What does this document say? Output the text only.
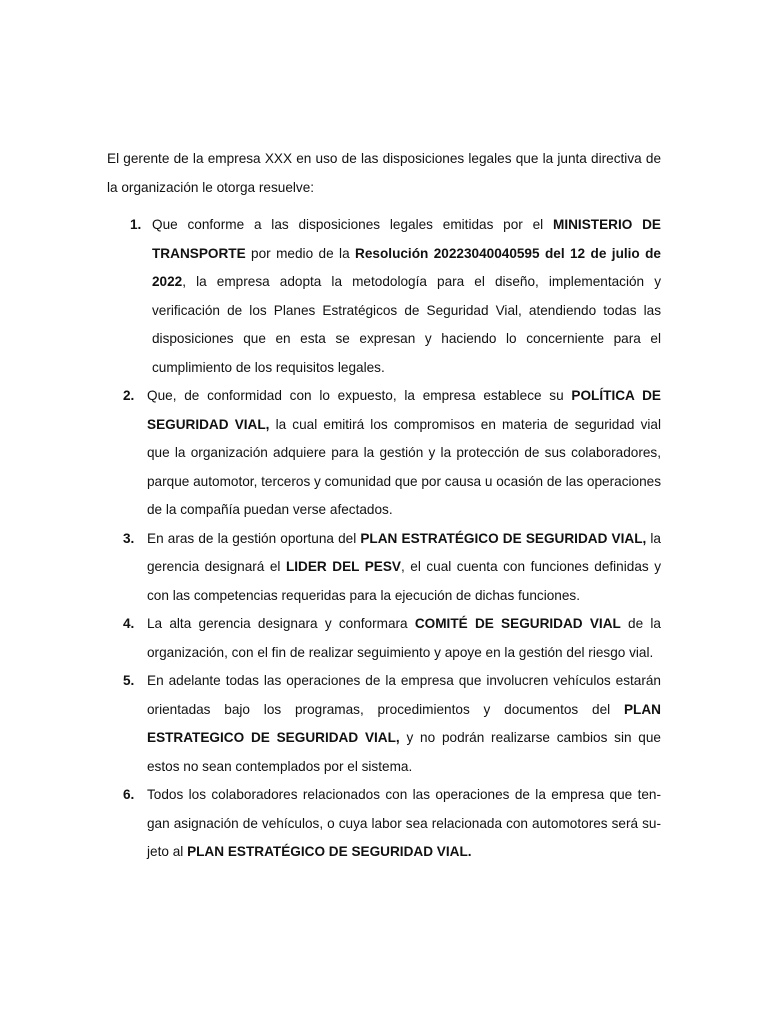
El gerente de la empresa XXX en uso de las disposiciones legales que la junta directiva de la organización le otorga resuelve:

1. Que conforme a las disposiciones legales emitidas por el MINISTERIO DE TRANSPORTE por medio de la Resolución 20223040040595 del 12 de julio de 2022, la empresa adopta la metodología para el diseño, implementación y verificación de los Planes Estratégicos de Seguridad Vial, atendiendo todas las disposiciones que en esta se expresan y haciendo lo concerniente para el cumplimiento de los requisitos legales.
2. Que, de conformidad con lo expuesto, la empresa establece su POLÍTICA DE SEGURIDAD VIAL, la cual emitirá los compromisos en materia de seguridad vial que la organización adquiere para la gestión y la protección de sus colaboradores, parque automotor, terceros y comunidad que por causa u ocasión de las operaciones de la compañía puedan verse afectados.
3. En aras de la gestión oportuna del PLAN ESTRATÉGICO DE SEGURIDAD VIAL, la gerencia designará el LIDER DEL PESV, el cual cuenta con funciones definidas y con las competencias requeridas para la ejecución de dichas funciones.
4. La alta gerencia designara y conformara COMITÉ DE SEGURIDAD VIAL de la organización, con el fin de realizar seguimiento y apoye en la gestión del riesgo vial.
5. En adelante todas las operaciones de la empresa que involucren vehículos estarán orientadas bajo los programas, procedimientos y documentos del PLAN ESTRATEGICO DE SEGURIDAD VIAL, y no podrán realizarse cambios sin que estos no sean contemplados por el sistema.
6. Todos los colaboradores relacionados con las operaciones de la empresa que tengan asignación de vehículos, o cuya labor sea relacionada con automotores será sujeto al PLAN ESTRATÉGICO DE SEGURIDAD VIAL.
